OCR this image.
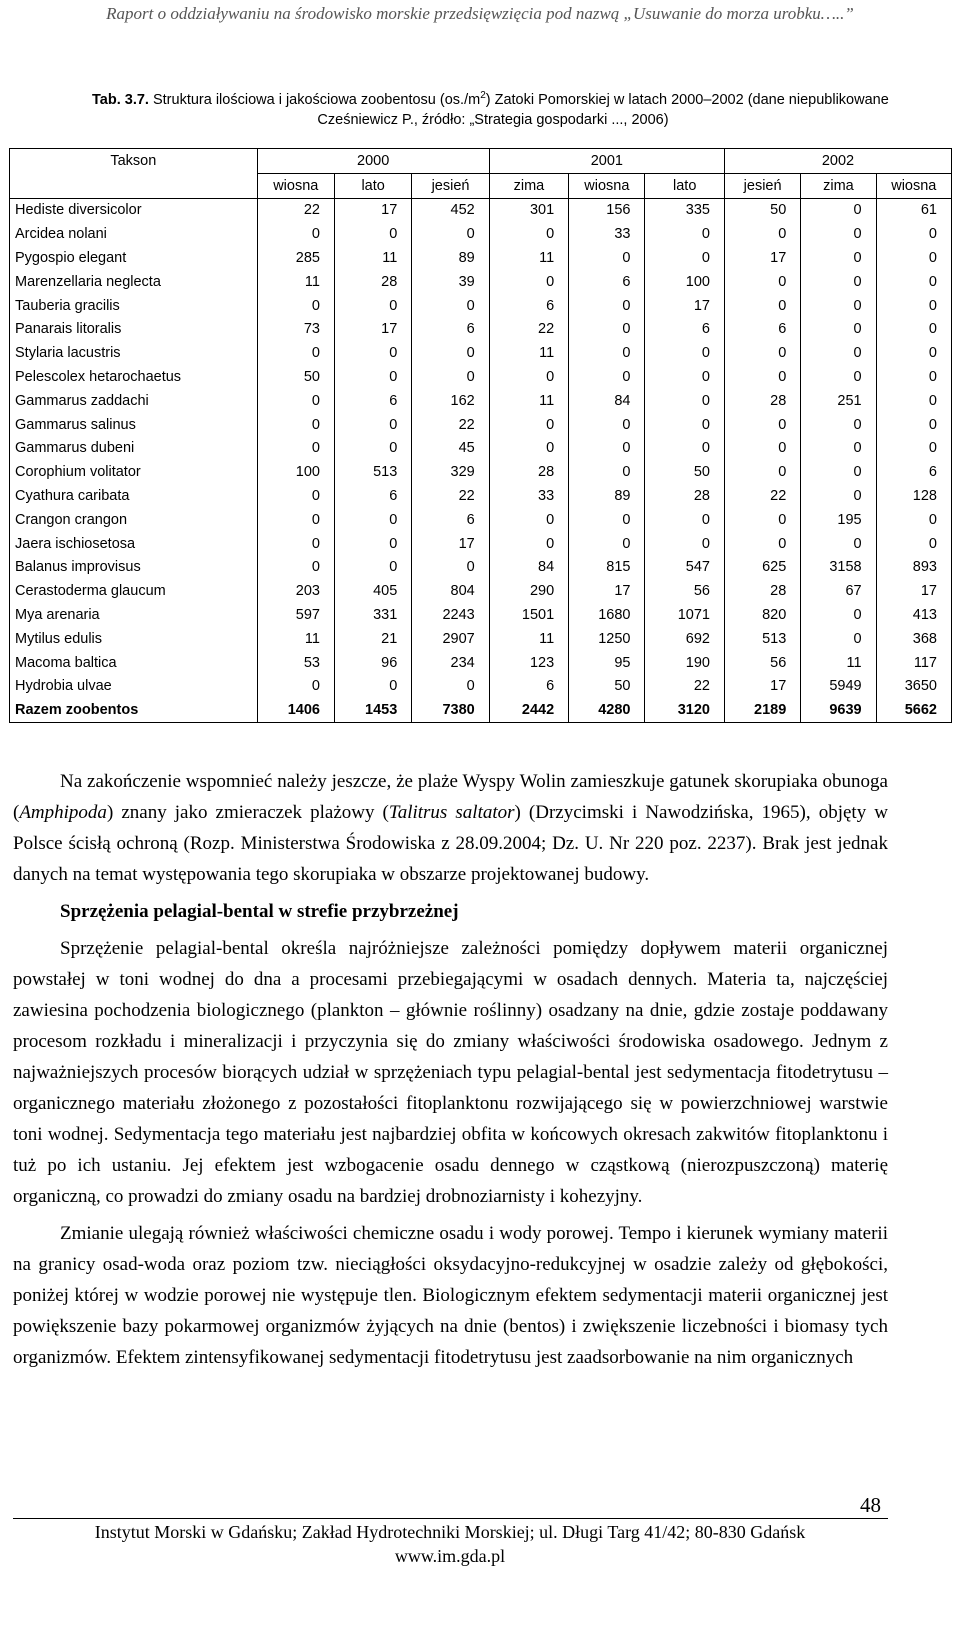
Raport o oddziaływaniu na środowisko morskie przedsięwzięcia pod nazwą „Usuwanie do morza urobku…..”
Tab. 3.7. Struktura ilościowa i jakościowa zoobentosu $(os./m^2)$ Zatoki Pomorskiej w latach 2000–2002 (dane niepublikowane
Cześniewicz P., źródło: „Strategia gospodarki ..., 2006)
Takson	2000			2001			2002		
	wiosna	lato	jesień	zima	wiosna	lato	jesień	zima	wiosna
Hediste diversicolor	22	17	452	301	156	335	50	0	61
Arcidea nolani	0	0	0	0	33	0	0	0	0
Pygospio elegant	285	11	89	11	0	0	17	0	0
Marenzellaria neglecta	11	28	39	0	6	100	0	0	0
Tauberia gracilis	0	0	0	6	0	17	0	0	0
Panarais litoralis	73	17	6	22	0	6	6	0	0
Stylaria lacustris	0	0	0	11	0	0	0	0	0
Pelescolex hetarochaetus	50	0	0	0	0	0	0	0	0
Gammarus zaddachi	0	6	162	11	84	0	28	251	0
Gammarus salinus	0	0	22	0	0	0	0	0	0
Gammarus dubeni	0	0	45	0	0	0	0	0	0
Corophium volitator	100	513	329	28	0	50	0	0	6
Cyathura caribata	0	6	22	33	89	28	22	0	128
Crangon crangon	0	0	6	0	0	0	0	195	0
Jaera ischiosetosa	0	0	17	0	0	0	0	0	0
Balanus improvisus	0	0	0	84	815	547	625	3158	893
Cerastoderma glaucum	203	405	804	290	17	56	28	67	17
Mya arenaria	597	331	2243	1501	1680	1071	820	0	413
Mytilus edulis	11	21	2907	11	1250	692	513	0	368
Macoma baltica	53	96	234	123	95	190	56	11	117
Hydrobia ulvae	0	0	0	6	50	22	17	5949	3650
Razem zoobentos	1406	1453	7380	2442	4280	3120	2189	9639	5662

Na zakończenie wspomnieć należy jeszcze, że plaże Wyspy Wolin zamieszkuje gatunek skorupiaka obunoga (Amphipoda) znany jako zmieraczek plażowy (Talitrus saltator) (Drzycimski i Nawodzińska, 1965), objęty w Polsce ścisłą ochroną (Rozp. Ministerstwa Środowiska z 28.09.2004; Dz. U. Nr 220 poz. 2237). Brak jest jednak danych na temat występowania tego skorupiaka w obszarze projektowanej budowy.

Sprzężenia pelagial-bental w strefie przybrzeżnej

Sprzężenie pelagial-bental określa najróżniejsze zależności pomiędzy dopływem materii organicznej powstałej w toni wodnej do dna a procesami przebiegającymi w osadach dennych. Materia ta, najczęściej zawiesina pochodzenia biologicznego (plankton – głównie roślinny) osadzany na dnie, gdzie zostaje poddawany procesom rozkładu i mineralizacji i przyczynia się do zmiany właściwości środowiska osadowego. Jednym z najważniejszych procesów biorących udział w sprzężeniach typu pelagial-bental jest sedymentacja fitodetrytusu – organicznego materiału złożonego z pozostałości fitoplanktonu rozwijającego się w powierzchniowej warstwie toni wodnej. Sedymentacja tego materiału jest najbardziej obfita w końcowych okresach zakwitów fitoplanktonu i tuż po ich ustaniu. Jej efektem jest wzbogacenie osadu dennego w cząstkową (nierozpuszczoną) materię organiczną, co prowadzi do zmiany osadu na bardziej drobnoziarnisty i kohezyjny.

Zmianie ulegają również właściwości chemiczne osadu i wody porowej. Tempo i kierunek wymiany materii na granicy osad-woda oraz poziom tzw. nieciągłości oksydacyjno-redukcyjnej w osadzie zależy od głębokości, poniżej której w wodzie porowej nie występuje tlen. Biologicznym efektem sedymentacji materii organicznej jest powiększenie bazy pokarmowej organizmów żyjących na dnie (bentos) i zwiększenie liczebności i biomasy tych organizmów. Efektem zintensyfikowanej sedymentacji fitodetrytusu jest zaadsorbowanie na nim organicznych

48
Instytut Morski w Gdańsku; Zakład Hydrotechniki Morskiej; ul. Długi Targ 41/42; 80-830 Gdańsk
www.im.gda.pl
